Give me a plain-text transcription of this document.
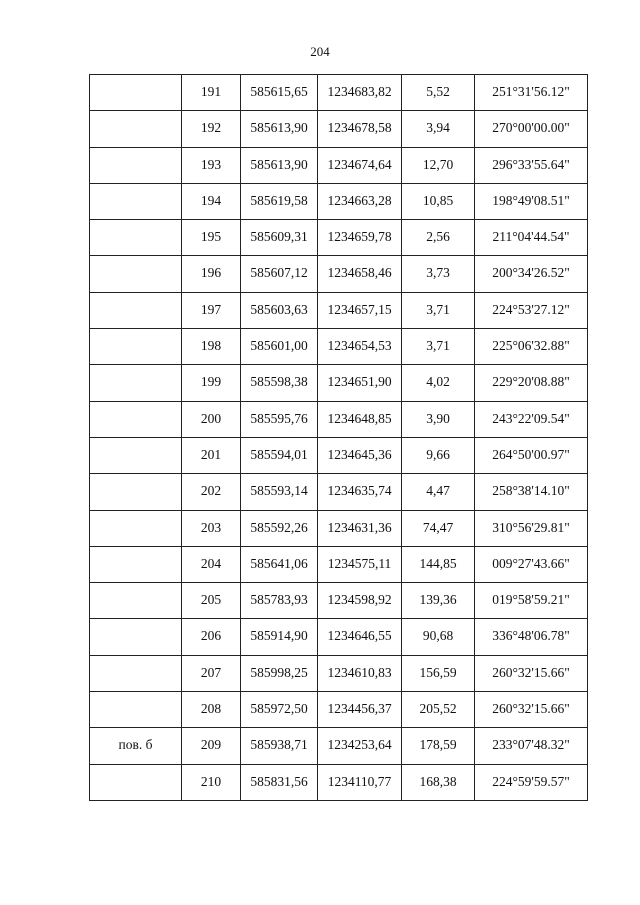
204
	191	585615,65	1234683,82	5,52	251°31'56.12"
	192	585613,90	1234678,58	3,94	270°00'00.00"
	193	585613,90	1234674,64	12,70	296°33'55.64"
	194	585619,58	1234663,28	10,85	198°49'08.51"
	195	585609,31	1234659,78	2,56	211°04'44.54"
	196	585607,12	1234658,46	3,73	200°34'26.52"
	197	585603,63	1234657,15	3,71	224°53'27.12"
	198	585601,00	1234654,53	3,71	225°06'32.88"
	199	585598,38	1234651,90	4,02	229°20'08.88"
	200	585595,76	1234648,85	3,90	243°22'09.54"
	201	585594,01	1234645,36	9,66	264°50'00.97"
	202	585593,14	1234635,74	4,47	258°38'14.10"
	203	585592,26	1234631,36	74,47	310°56'29.81"
	204	585641,06	1234575,11	144,85	009°27'43.66"
	205	585783,93	1234598,92	139,36	019°58'59.21"
	206	585914,90	1234646,55	90,68	336°48'06.78"
	207	585998,25	1234610,83	156,59	260°32'15.66"
	208	585972,50	1234456,37	205,52	260°32'15.66"
пов. б	209	585938,71	1234253,64	178,59	233°07'48.32"
	210	585831,56	1234110,77	168,38	224°59'59.57"
